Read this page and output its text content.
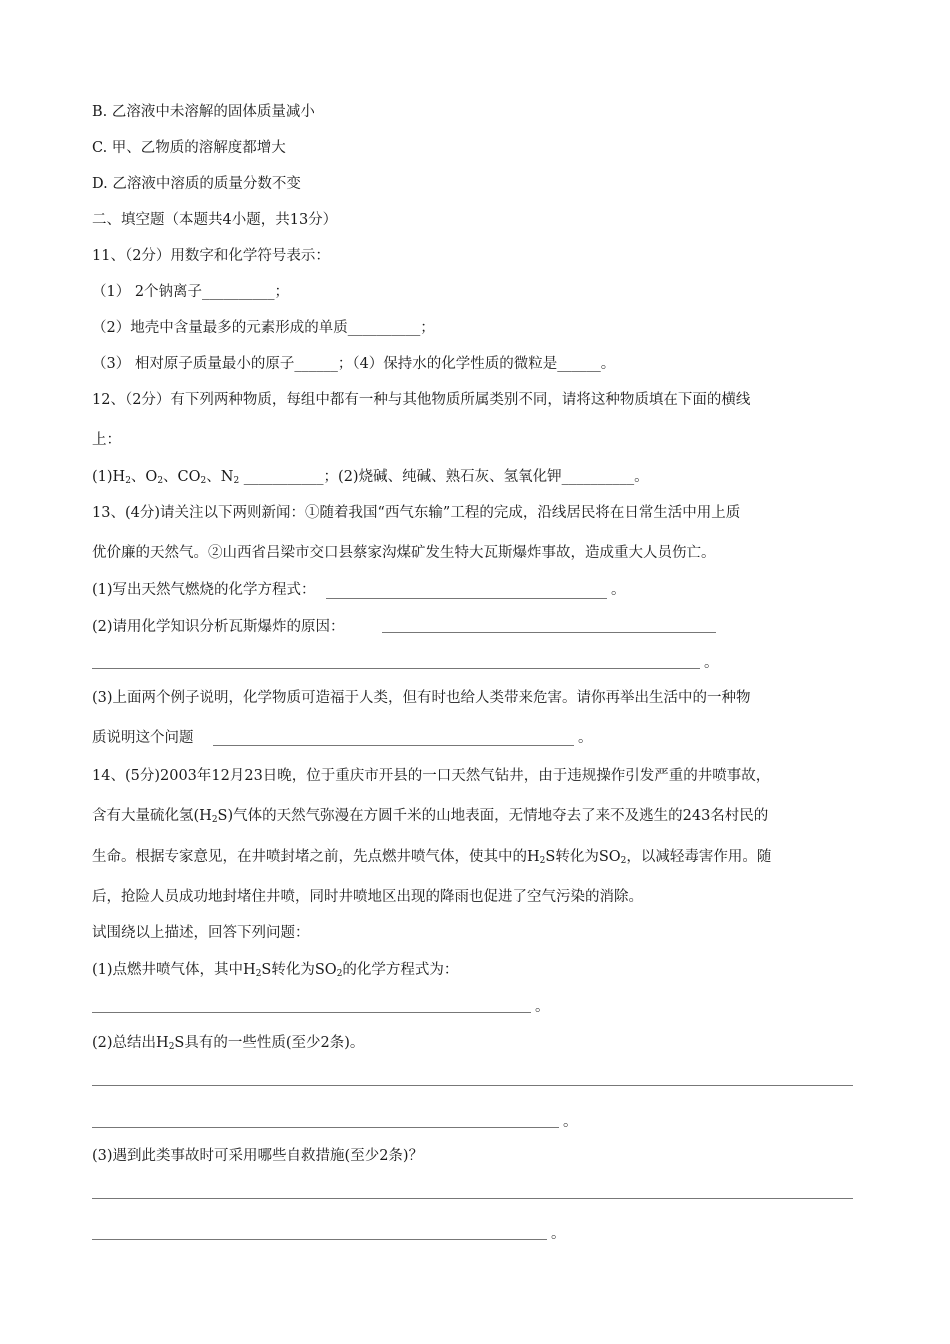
B. 乙溶液中未溶解的固体质量减小
C. 甲、乙物质的溶解度都增大
D. 乙溶液中溶质的质量分数不变
二、填空题（本题共4小题，共13分）
11、（2分）用数字和化学符号表示：
（1） 2个钠离子__________；
（2）地壳中含量最多的元素形成的单质__________；
（3） 相对原子质量最小的原子______；（4）保持水的化学性质的微粒是______。
12、（2分）有下列两种物质，每组中都有一种与其他物质所属类别不同，请将这种物质填在下面的横线
上：
$(1)H_2$、$O_2$、$CO_2$、$N_2$ ___________；(2)烧碱、纯碱、熟石灰、氢氧化钾__________。
13、(4分)请关注以下两则新闻：①随着我国“西气东输”工程的完成，沿线居民将在日常生活中用上质
优价廉的天然气。②山西省吕梁市交口县蔡家沟煤矿发生特大瓦斯爆炸事故，造成重大人员伤亡。
(1)写出天然气燃烧的化学方程式：	。
(2)请用化学知识分析瓦斯爆炸的原因：
。
(3)上面两个例子说明，化学物质可造福于人类，但有时也给人类带来危害。请你再举出生活中的一种物
质说明这个问题	。
14、(5分)2003年12月23日晚，位于重庆市开县的一口天然气钻井，由于违规操作引发严重的井喷事故，
含有大量硫化氢$(H_2S)$气体的天然气弥漫在方圆千米的山地表面，无情地夺去了来不及逃生的243名村民的
生命。根据专家意见，在井喷封堵之前，先点燃井喷气体，使其中的$H_2S$转化为$SO_2$，以减轻毒害作用。随
后，抢险人员成功地封堵住井喷，同时井喷地区出现的降雨也促进了空气污染的消除。
试围绕以上描述，回答下列问题：
(1)点燃井喷气体，其中$H_2S$转化为$SO_2$的化学方程式为：
。
(2)总结出$H_2S$具有的一些性质(至少2条)。
。
(3)遇到此类事故时可采用哪些自救措施(至少2条)？
。
